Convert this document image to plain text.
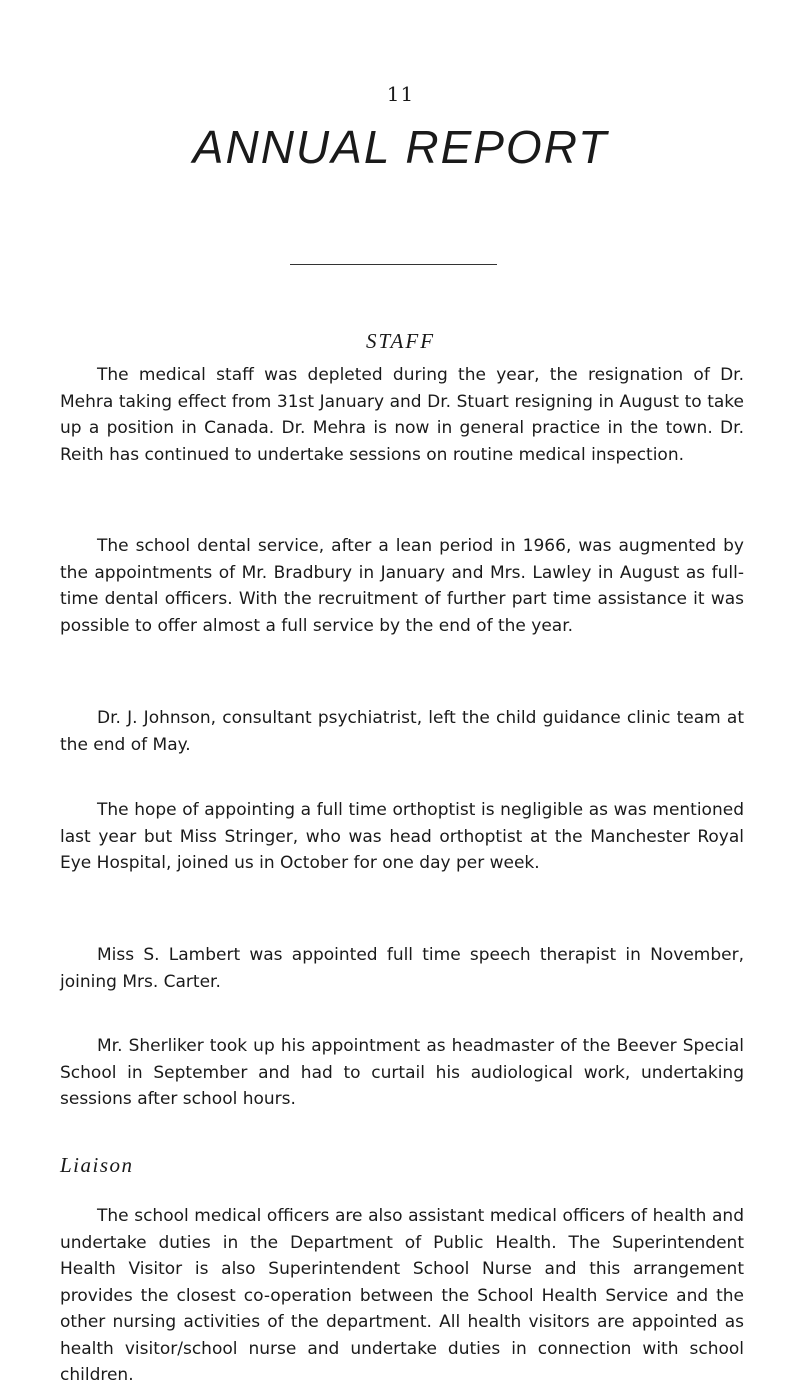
11
ANNUAL REPORT
STAFF

The medical staff was depleted during the year, the resignation of Dr. Mehra taking effect from 31st January and Dr. Stuart resigning in August to take up a position in Canada. Dr. Mehra is now in general practice in the town. Dr. Reith has continued to undertake sessions on routine medical inspection.

The school dental service, after a lean period in 1966, was augmented by the appointments of Mr. Bradbury in January and Mrs. Lawley in August as full-time dental officers. With the recruitment of further part time assistance it was possible to offer almost a full service by the end of the year.

Dr. J. Johnson, consultant psychiatrist, left the child guidance clinic team at the end of May.

The hope of appointing a full time orthoptist is negligible as was mentioned last year but Miss Stringer, who was head orthoptist at the Manchester Royal Eye Hospital, joined us in October for one day per week.

Miss S. Lambert was appointed full time speech therapist in November, joining Mrs. Carter.

Mr. Sherliker took up his appointment as headmaster of the Beever Special School in September and had to curtail his audiological work, undertaking sessions after school hours.

Liaison

The school medical officers are also assistant medical officers of health and undertake duties in the Department of Public Health. The Superintendent Health Visitor is also Superintendent School Nurse and this arrangement provides the closest co-operation between the School Health Service and the other nursing activities of the department. All health visitors are appointed as health visitor/school nurse and undertake duties in connection with school children.
